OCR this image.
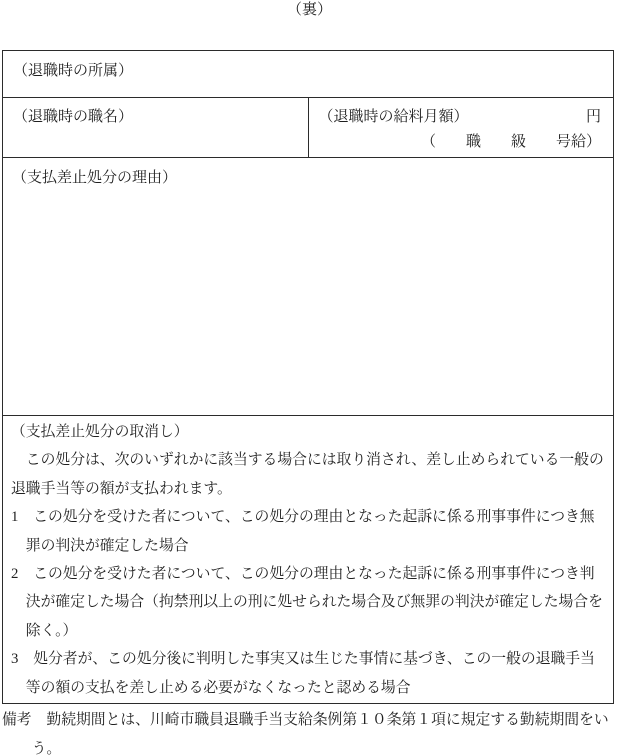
（裏）
（退職時の所属）

（退職時の職名）	（退職時の給料月額）	円
（　　職　　級　　号給）

（支払差止処分の理由）

（支払差止処分の取消し）
　この処分は、次のいずれかに該当する場合には取り消され、差し止められている一般の
退職手当等の額が支払われます。
1　この処分を受けた者について、この処分の理由となった起訴に係る刑事事件につき無
　罪の判決が確定した場合
2　この処分を受けた者について、この処分の理由となった起訴に係る刑事事件につき判
　決が確定した場合（拘禁刑以上の刑に処せられた場合及び無罪の判決が確定した場合を
　除く。）
3　処分者が、この処分後に判明した事実又は生じた事情に基づき、この一般の退職手当
　等の額の支払を差し止める必要がなくなったと認める場合
備考　勤続期間とは、川崎市職員退職手当支給条例第１０条第１項に規定する勤続期間をい
　　う。
